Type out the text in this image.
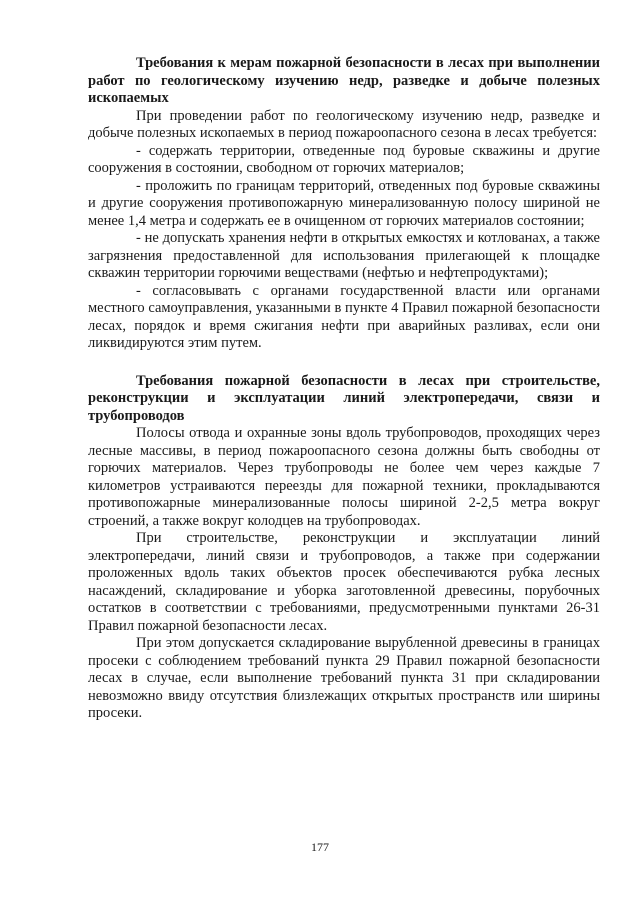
Требования к мерам пожарной безопасности в лесах при выполнении работ по геологическому изучению недр, разведке и добыче полезных ископаемых

При проведении работ по геологическому изучению недр, разведке и добыче полезных ископаемых в период пожароопасного сезона в лесах требуется:

- содержать территории, отведенные под буровые скважины и другие сооружения в состоянии, свободном от горючих материалов;

- проложить по границам территорий, отведенных под буровые скважины и другие сооружения противопожарную минерализованную полосу шириной не менее 1,4 метра и содержать ее в очищенном от горючих материалов состоянии;

- не допускать хранения нефти в открытых емкостях и котлованах, а также загрязнения предоставленной для использования прилегающей к площадке скважин территории горючими веществами (нефтью и нефтепродуктами);

- согласовывать с органами государственной власти или органами местного самоуправления, указанными в пункте 4 Правил пожарной безопасности лесах, порядок и время сжигания нефти при аварийных разливах, если они ликвидируются этим путем.

Требования пожарной безопасности в лесах при строительстве, реконструкции и эксплуатации линий электропередачи, связи и трубопроводов

Полосы отвода и охранные зоны вдоль трубопроводов, проходящих через лесные массивы, в период пожароопасного сезона должны быть свободны от горючих материалов. Через трубопроводы не более чем через каждые 7 километров устраиваются переезды для пожарной техники, прокладываются противопожарные минерализованные полосы шириной 2-2,5 метра вокруг строений, а также вокруг колодцев на трубопроводах.

При строительстве, реконструкции и эксплуатации линий электропередачи, линий связи и трубопроводов, а также при содержании проложенных вдоль таких объектов просек обеспечиваются рубка лесных насаждений, складирование и уборка заготовленной древесины, порубочных остатков в соответствии с требованиями, предусмотренными пунктами 26-31 Правил пожарной безопасности лесах.

При этом допускается складирование вырубленной древесины в границах просеки с соблюдением требований пункта 29 Правил пожарной безопасности лесах в случае, если выполнение требований пункта 31 при складировании невозможно ввиду отсутствия близлежащих открытых пространств или ширины просеки.

177
